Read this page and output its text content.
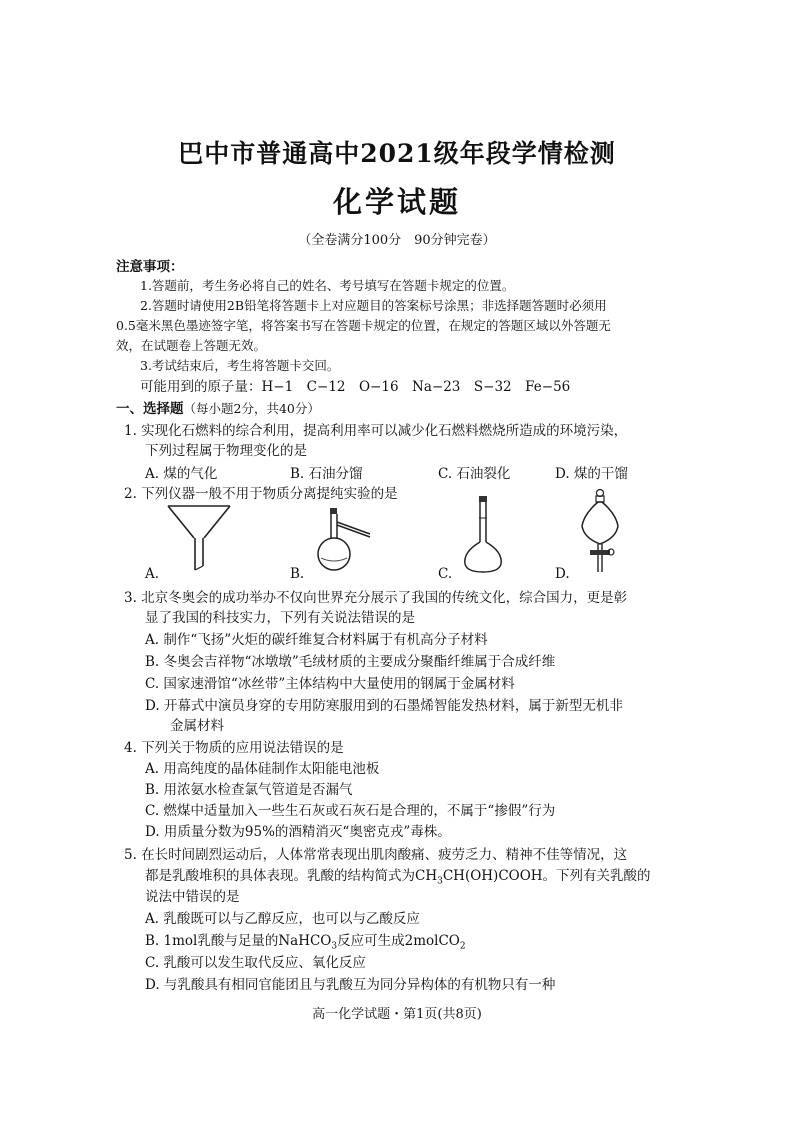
巴中市普通高中2021级年段学情检测
化学试题
（全卷满分100分　90分钟完卷）
注意事项：
1.答题前，考生务必将自己的姓名、考号填写在答题卡规定的位置。
2.答题时请使用2B铅笔将答题卡上对应题目的答案标号涂黑；非选择题答题时必须用
0.5毫米黑色墨迹签字笔，将答案书写在答题卡规定的位置，在规定的答题区域以外答题无
效，在试题卷上答题无效。
3.考试结束后，考生将答题卡交回。
可能用到的原子量：H−1　C−12　O−16　Na−23　S−32　Fe−56
一、选择题（每小题2分，共40分）
1. 实现化石燃料的综合利用，提高利用率可以减少化石燃料燃烧所造成的环境污染，
下列过程属于物理变化的是
A. 煤的气化	B. 石油分馏	C. 石油裂化	D. 煤的干馏
2. 下列仪器一般不用于物质分离提纯实验的是
A.	B.	C.	D.
3. 北京冬奥会的成功举办不仅向世界充分展示了我国的传统文化，综合国力，更是彰
显了我国的科技实力，下列有关说法错误的是
A. 制作“飞扬”火炬的碳纤维复合材料属于有机高分子材料
B. 冬奥会吉祥物“冰墩墩”毛绒材质的主要成分聚酯纤维属于合成纤维
C. 国家速滑馆“冰丝带”主体结构中大量使用的钢属于金属材料
D. 开幕式中演员身穿的专用防寒服用到的石墨烯智能发热材料，属于新型无机非
金属材料
4. 下列关于物质的应用说法错误的是
A. 用高纯度的晶体硅制作太阳能电池板
B. 用浓氨水检查氯气管道是否漏气
C. 燃煤中适量加入一些生石灰或石灰石是合理的，不属于“掺假”行为
D. 用质量分数为95%的酒精消灭“奥密克戎”毒株。
5. 在长时间剧烈运动后，人体常常表现出肌肉酸痛、疲劳乏力、精神不佳等情况，这
都是乳酸堆积的具体表现。乳酸的结构简式为$CH_3CH(OH)COOH$。下列有关乳酸的
说法中错误的是
A. 乳酸既可以与乙醇反应，也可以与乙酸反应
B. 1mol乳酸与足量的NaHCO$_3$反应可生成2molCO$_2$
C. 乳酸可以发生取代反应、氧化反应
D. 与乳酸具有相同官能团且与乳酸互为同分异构体的有机物只有一种
高一化学试题・第1页(共8页)
